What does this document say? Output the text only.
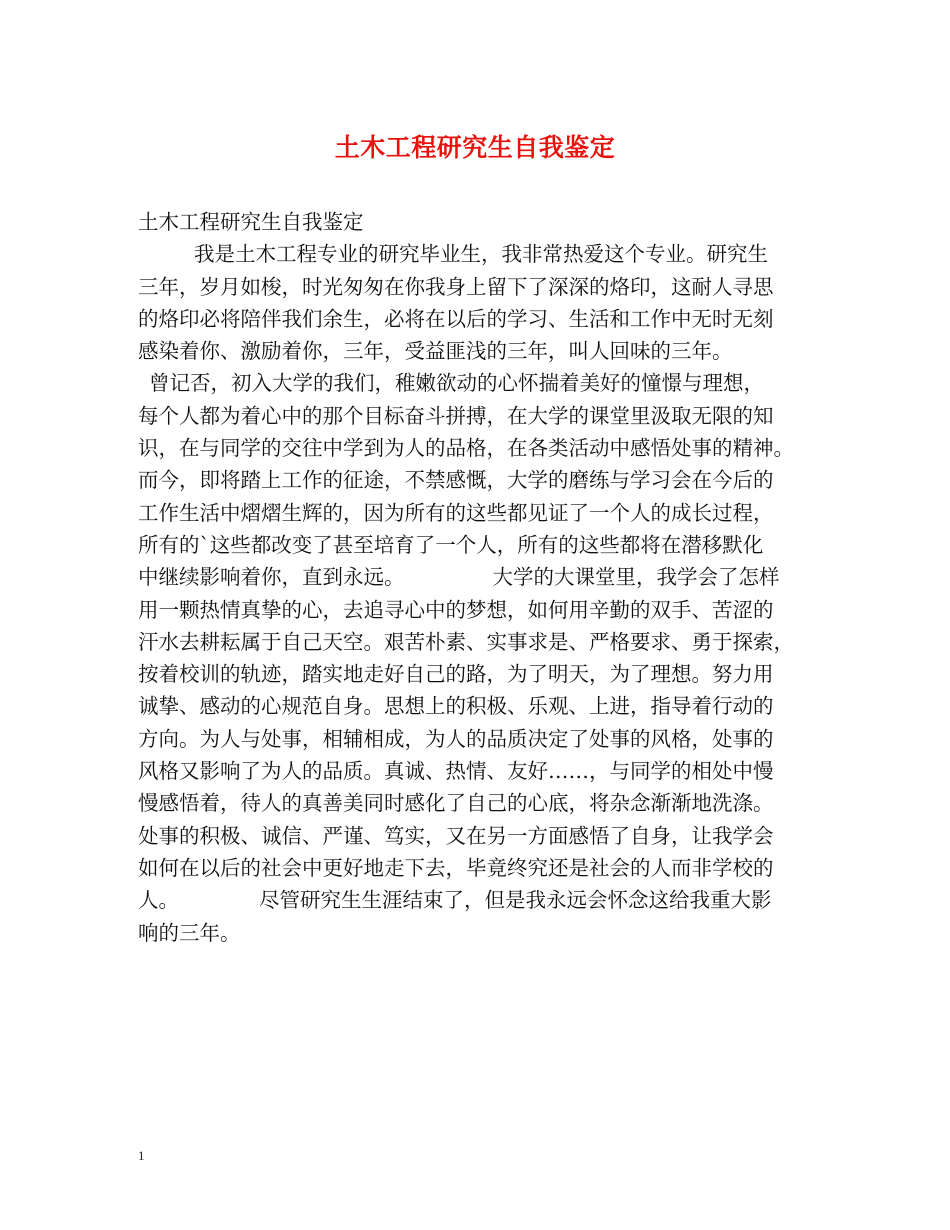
土木工程研究生自我鉴定
土木工程研究生自我鉴定
我是土木工程专业的研究毕业生，我非常热爱这个专业。研究生
三年，岁月如梭，时光匆匆在你我身上留下了深深的烙印，这耐人寻思
的烙印必将陪伴我们余生，必将在以后的学习、生活和工作中无时无刻
感染着你、激励着你，三年，受益匪浅的三年，叫人回味的三年。
曾记否，初入大学的我们，稚嫩欲动的心怀揣着美好的憧憬与理想，
每个人都为着心中的那个目标奋斗拼搏，在大学的课堂里汲取无限的知
识，在与同学的交往中学到为人的品格，在各类活动中感悟处事的精神。
而今，即将踏上工作的征途，不禁感慨，大学的磨练与学习会在今后的
工作生活中熠熠生辉的，因为所有的这些都见证了一个人的成长过程，
所有的`这些都改变了甚至培育了一个人，所有的这些都将在潜移默化
中继续影响着你，直到永远。	大学的大课堂里，我学会了怎样
用一颗热情真挚的心，去追寻心中的梦想，如何用辛勤的双手、苦涩的
汗水去耕耘属于自己天空。艰苦朴素、实事求是、严格要求、勇于探索，
按着校训的轨迹，踏实地走好自己的路，为了明天，为了理想。努力用
诚挚、感动的心规范自身。思想上的积极、乐观、上进，指导着行动的
方向。为人与处事，相辅相成，为人的品质决定了处事的风格，处事的
风格又影响了为人的品质。真诚、热情、友好……，与同学的相处中慢
慢感悟着，待人的真善美同时感化了自己的心底，将杂念渐渐地洗涤。
处事的积极、诚信、严谨、笃实，又在另一方面感悟了自身，让我学会
如何在以后的社会中更好地走下去，毕竟终究还是社会的人而非学校的
人。	尽管研究生生涯结束了，但是我永远会怀念这给我重大影
响的三年。
1
